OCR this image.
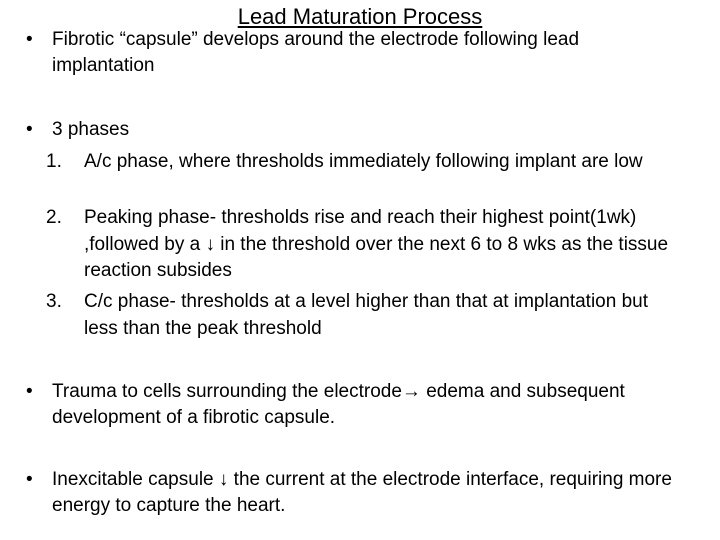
Lead Maturation Process
•	Fibrotic “capsule” develops around the electrode following lead implantation
•	3 phases
1.	A/c phase, where thresholds immediately following implant are low
2.	Peaking phase- thresholds rise and reach their highest point(1wk) ,followed by a ↓ in the threshold over the next 6 to 8 wks as the tissue reaction subsides
3.	C/c phase- thresholds at a level higher than that at implantation but less than the peak threshold
•	Trauma to cells surrounding the electrode→ edema and subsequent development of a fibrotic capsule.
•	Inexcitable capsule ↓ the current at the electrode interface, requiring more energy to capture the heart.
